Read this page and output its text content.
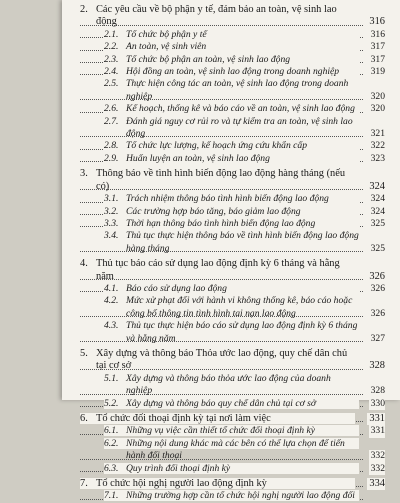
2. Các yêu cầu về bộ phận y tế, đảm bảo an toàn, vệ sinh lao động	316
2.1. Tổ chức bộ phận y tế	316
2.2. An toàn, vệ sinh viên	317
2.3. Tổ chức bộ phận an toàn, vệ sinh lao động	317
2.4. Hội đồng an toàn, vệ sinh lao động trong doanh nghiệp	319
2.5. Thực hiện công tác an toàn, vệ sinh lao động trong doanh nghiệp	320
2.6. Kế hoạch, thống kê và báo cáo về an toàn, vệ sinh lao động 320
2.7. Đánh giá nguy cơ rủi ro và tự kiểm tra an toàn, vệ sinh lao động	321
2.8. Tổ chức lực lượng, kế hoạch ứng cứu khẩn cấp	322
2.9. Huấn luyện an toàn, vệ sinh lao động	323
3. Thông báo về tình hình biến động lao động hàng tháng (nếu có)	324
3.1. Trách nhiệm thông báo tình hình biến động lao động	324
3.2. Các trường hợp báo tăng, báo giảm lao động	324
3.3. Thời hạn thông báo tình hình biến động lao động	325
3.4. Thủ tục thực hiện thông báo về tình hình biến động lao động hàng tháng	325
4. Thủ tục báo cáo sử dụng lao động định kỳ 6 tháng và hằng năm	326
4.1. Báo cáo sử dụng lao động	326
4.2. Mức xử phạt đối với hành vi không thống kê, báo cáo hoặc công bố thông tin tình hình tai nạn lao động	326
4.3. Thủ tục thực hiện báo cáo sử dụng lao động định kỳ 6 tháng và hằng năm	327
5. Xây dựng và thông báo Thỏa ước lao động, quy chế dân chủ tại cơ sở	328
5.1. Xây dựng và thông báo thỏa ước lao động của doanh nghiệp	328
5.2. Xây dựng và thông báo quy chế dân chủ tại cơ sở	330
6. Tổ chức đối thoại định kỳ tại nơi làm việc	331
6.1. Những vụ việc cần thiết tổ chức đối thoại định kỳ	331
6.2. Những nội dung khác mà các bên có thể lựa chọn để tiến hành đối thoại	332
6.3. Quy trình đối thoại định kỳ	332
7. Tổ chức hội nghị người lao động định kỳ	334
7.1. Những trường hợp cần tổ chức hội nghị người lao động đối
